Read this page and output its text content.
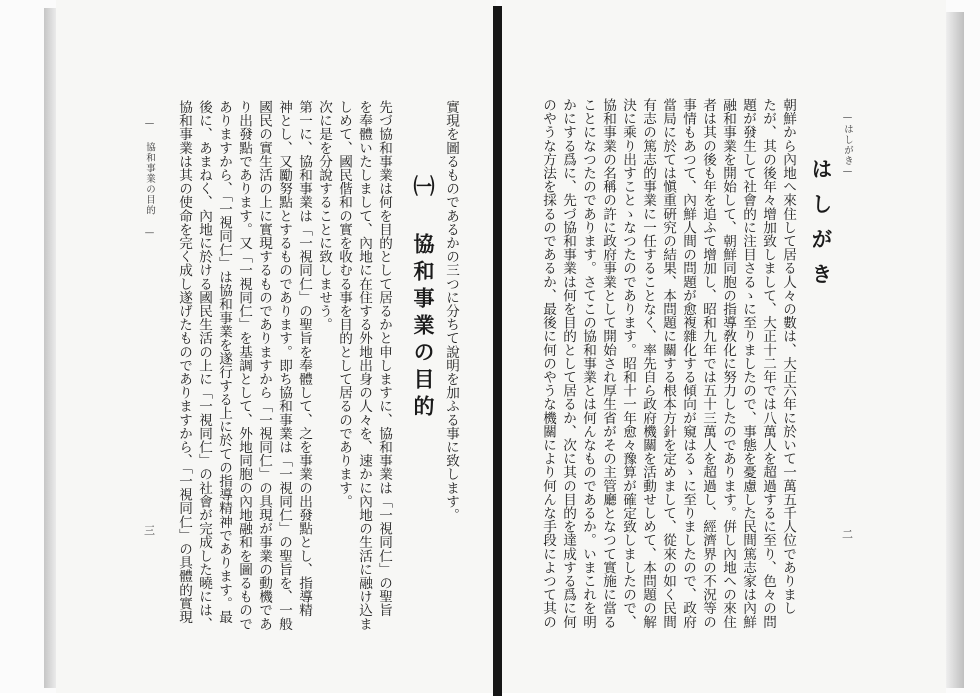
實現を圖るものであるかの三つに分ちて說明を加ふる事に致します。
㈠ 協和事業の目的
先づ協和事業は何を目的として居るかと申しますに、協和事業は「一視同仁」の聖旨
を奉體いたしまして、內地に在住する外地出身の人々を、速かに內地の生活に融け込ま
しめて、國民偕和の實を收むる事を目的として居るのであります。
次に是を分說することに致しませう。
第一に、協和事業は「一視同仁」の聖旨を奉體して、之を事業の出發點とし、指導精
神とし、又勵努點とするものであります。即ち協和事業は「一視同仁」の聖旨を、一般
國民の實生活の上に實現するものでありますから「一視同仁」の具現が事業の動機であ
り出發點であります。又「一視同仁」を基調として、外地同胞の內地融和を圖るもので
ありますから、「一視同仁」は協和事業を遂行する上に於ての指導精神であります。最
後に、あまねく、內地に於ける國民生活の上に「一視同仁」の社會が完成した曉には、
協和事業は其の使命を完く成し遂げたものでありますから、「一視同仁」の具體的實現
— 協和事業の目的 —
三
—はしがき—
はしがき
朝鮮から內地へ來住して居る人々の數は、大正六年に於いて一萬五千人位でありまし
たが、其の後年々增加致しまして、大正十二年では八萬人を超過するに至り、色々の問
題が發生して社會的に注目さるゝに至りましたので、事態を憂慮した民間篤志家は內鮮
融和事業を開始して、朝鮮同胞の指導敎化に努力したのであります。倂し內地への來住
者は其の後も年を追ふて增加し、昭和九年では五十三萬人を超過し、經濟界の不況等の
事情もあつて、內鮮人間の問題が愈複雜化する傾向が窺はるゝに至りましたので、政府
當局に於ては愼重硏究の結果、本問題に關する根本方針を定めまして、從來の如く民間
有志の篤志的事業に一任することなく、率先自ら政府機關を活動せしめて、本問題の解
決に乘り出すことゝなつたのであります。昭和十一年愈々豫算が確定致しましたので、
協和事業の名稱の許に政府事業として開始され厚生省がその主管廳となつて實施に當る
ことになつたのであります。さてこの協和事業とは何んなものであるか。いまこれを明
かにする爲に、先づ協和事業は何を目的として居るか、次に其の目的を達成する爲に何
のやうな方法を採るのであるか、最後に何のやうな機關により何んな手段によつて其の	二
